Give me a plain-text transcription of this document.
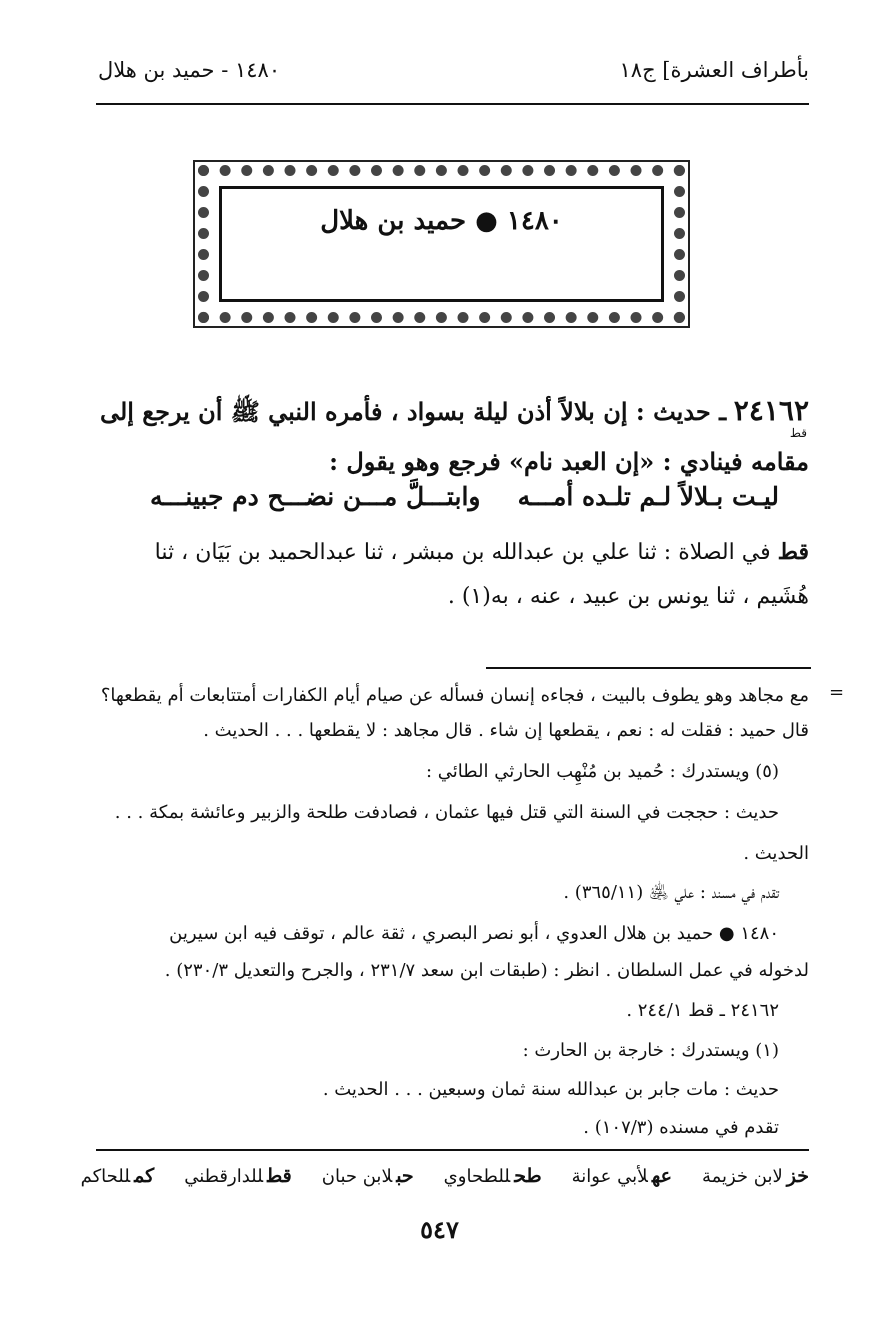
بأطراف العشرة] ج١٨
١٤٨٠ - حميد بن هلال
١٤٨٠ ● حميد بن هلال
٢٤١٦٢ ـ حديث : إن بلالاً أذن ليلة بسواد ، فأمره النبي ﷺ أن يرجع إلى
قط
مقامه فينادي : «إن العبد نام» فرجع وهو يقول :
ليـت بـلالاً لـم تلـده أمـــه
وابتـــلَّ مـــن نضـــح دم جبينـــه
قط في الصلاة : ثنا علي بن عبدالله بن مبشر ، ثنا عبدالحميد بن بَيَان ، ثنا
هُشَيم ، ثنا يونس بن عبيد ، عنه ، به(١) .
=
مع مجاهد وهو يطوف بالبيت ، فجاءه إنسان فسأله عن صيام أيام الكفارات أمتتابعات أم يقطعها؟
قال حميد : فقلت له : نعم ، يقطعها إن شاء . قال مجاهد : لا يقطعها . . . الحديث .
(٥) ويستدرك : حُميد بن مُنْهِب الحارثي الطائي :
حديث : حججت في السنة التي قتل فيها عثمان ، فصادفت طلحة والزبير وعائشة بمكة . . .
الحديث .
تقدم في مسند : علي ﵁ (٣٦٥/١١) .
١٤٨٠ ● حميد بن هلال العدوي ، أبو نصر البصري ، ثقة عالم ، توقف فيه ابن سيرين
لدخوله في عمل السلطان . انظر : (طبقات ابن سعد ٢٣١/٧ ، والجرح والتعديل ٢٣٠/٣) .
٢٤١٦٢ ـ قط ٢٤٤/١ .
(١) ويستدرك : خارجة بن الحارث :
حديث : مات جابر بن عبدالله سنة ثمان وسبعين . . . الحديث .
تقدم في مسنده (١٠٧/٣) .
خزلابن خزيمة
عهلأبي عوانة
طحللطحاوي
حبلابن حبان
قطللدارقطني
كمللحاكم
٥٤٧
